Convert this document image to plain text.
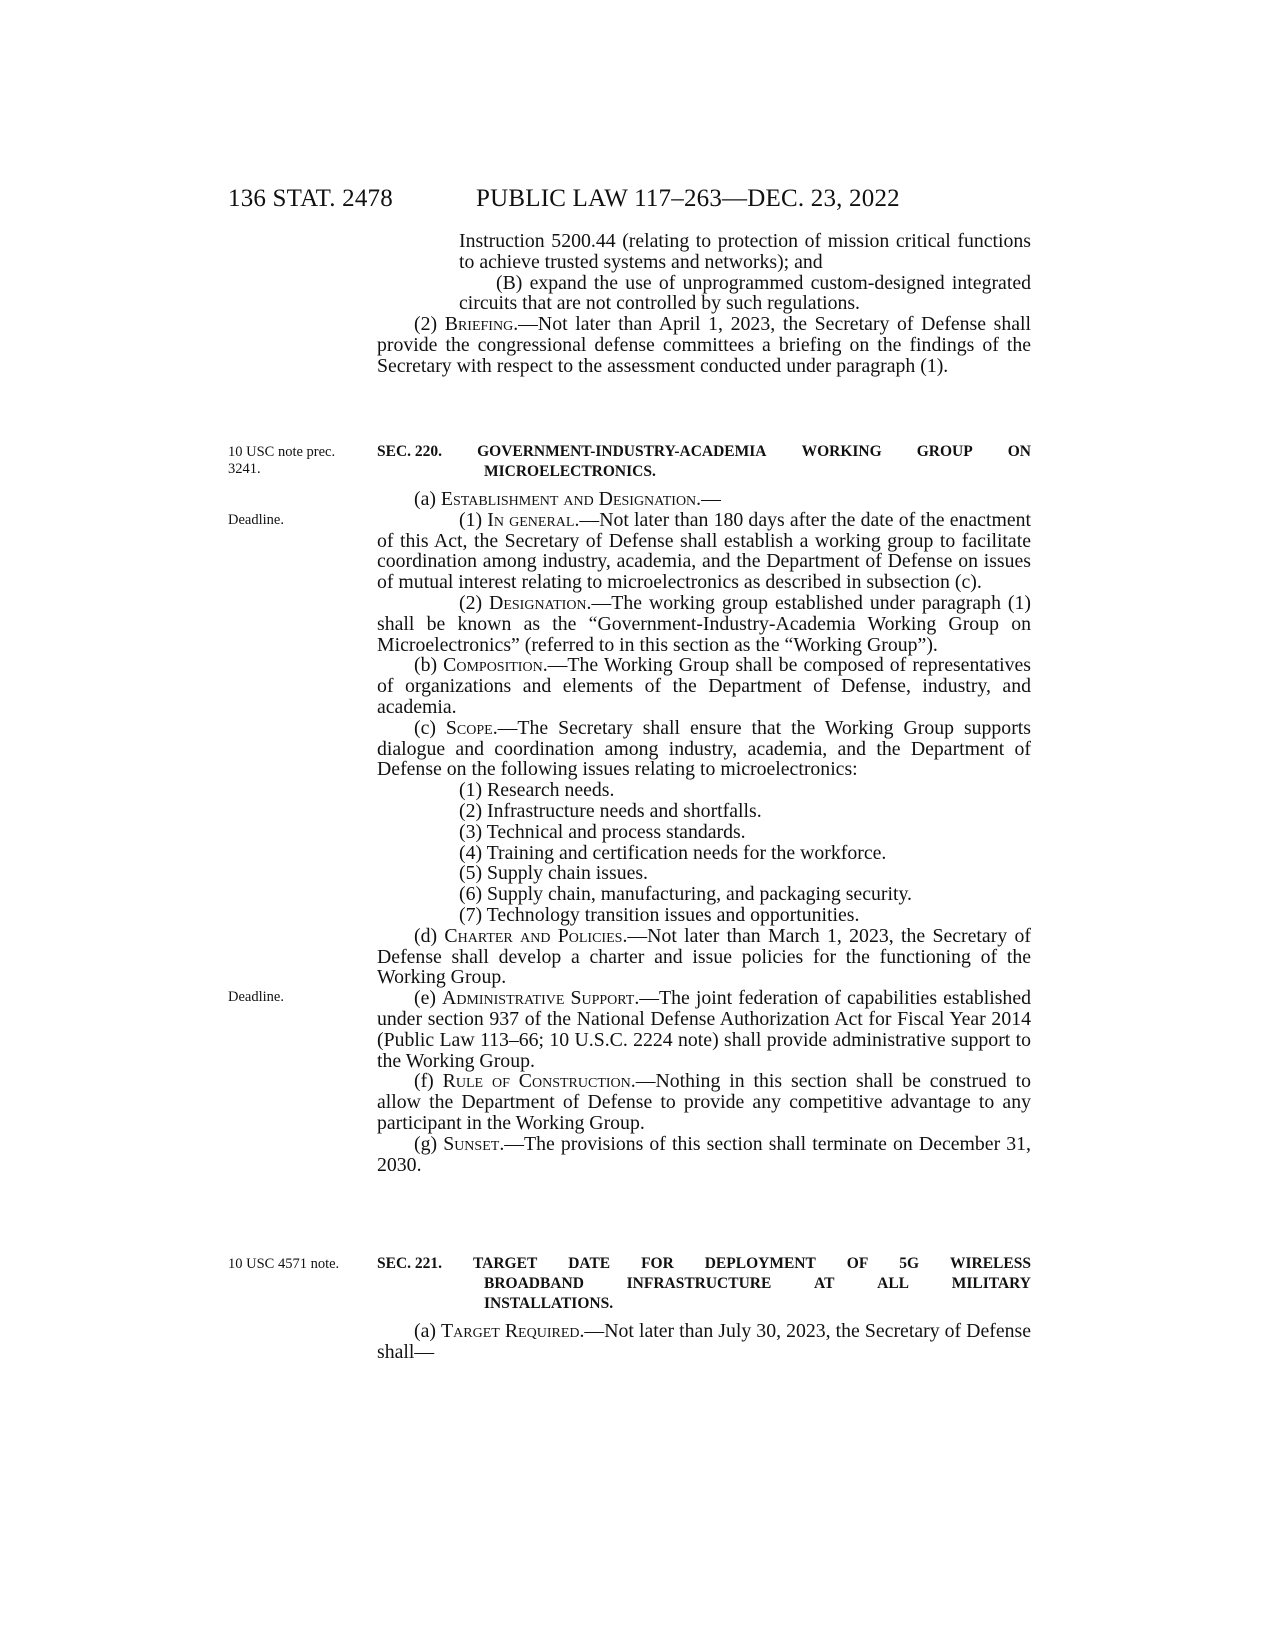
136 STAT. 2478	PUBLIC LAW 117–263—DEC. 23, 2022
10 USC note prec. 3241.
Deadline.
Deadline.
10 USC 4571 note.

Instruction 5200.44 (relating to protection of mission critical functions to achieve trusted systems and networks); and

(B) expand the use of unprogrammed custom-designed integrated circuits that are not controlled by such regulations.

(2) Briefing.—Not later than April 1, 2023, the Secretary of Defense shall provide the congressional defense committees a briefing on the findings of the Secretary with respect to the assessment conducted under paragraph (1).

SEC. 220. GOVERNMENT-INDUSTRY-ACADEMIA WORKING GROUP ON
MICROELECTRONICS.

(a) Establishment and Designation.—

(1) In general.—Not later than 180 days after the date of the enactment of this Act, the Secretary of Defense shall establish a working group to facilitate coordination among industry, academia, and the Department of Defense on issues of mutual interest relating to microelectronics as described in subsection (c).

(2) Designation.—The working group established under paragraph (1) shall be known as the “Government-Industry-Academia Working Group on Microelectronics” (referred to in this section as the “Working Group”).

(b) Composition.—The Working Group shall be composed of representatives of organizations and elements of the Department of Defense, industry, and academia.

(c) Scope.—The Secretary shall ensure that the Working Group supports dialogue and coordination among industry, academia, and the Department of Defense on the following issues relating to microelectronics:

(1) Research needs.
(2) Infrastructure needs and shortfalls.
(3) Technical and process standards.
(4) Training and certification needs for the workforce.
(5) Supply chain issues.
(6) Supply chain, manufacturing, and packaging security.
(7) Technology transition issues and opportunities.

(d) Charter and Policies.—Not later than March 1, 2023, the Secretary of Defense shall develop a charter and issue policies for the functioning of the Working Group.

(e) Administrative Support.—The joint federation of capabilities established under section 937 of the National Defense Authorization Act for Fiscal Year 2014 (Public Law 113–66; 10 U.S.C. 2224 note) shall provide administrative support to the Working Group.

(f) Rule of Construction.—Nothing in this section shall be construed to allow the Department of Defense to provide any competitive advantage to any participant in the Working Group.

(g) Sunset.—The provisions of this section shall terminate on December 31, 2030.

SEC. 221. TARGET DATE FOR DEPLOYMENT OF 5G WIRELESS
BROADBAND	INFRASTRUCTURE	AT	ALL	MILITARY
INSTALLATIONS.

(a) Target Required.—Not later than July 30, 2023, the Secretary of Defense shall—
